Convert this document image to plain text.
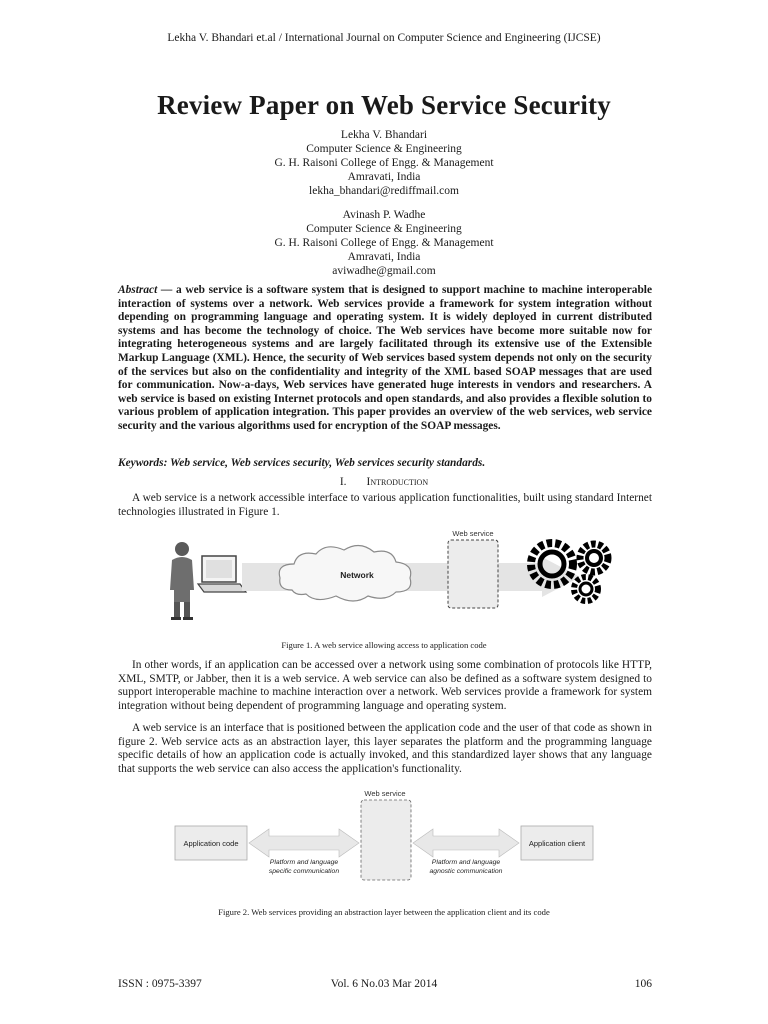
Lekha V. Bhandari et.al / International Journal on Computer Science and Engineering (IJCSE)
Review Paper on Web Service Security
Lekha V. Bhandari
Computer Science & Engineering
G. H. Raisoni College of Engg. & Management
Amravati, India
lekha_bhandari@rediffmail.com
Avinash P. Wadhe
Computer Science & Engineering
G. H. Raisoni College of Engg. & Management
Amravati, India
aviwadhe@gmail.com
Abstract — a web service is a software system that is designed to support machine to machine interoperable interaction of systems over a network. Web services provide a framework for system integration without depending on programming language and operating system. It is widely deployed in current distributed systems and has become the technology of choice. The Web services have become more suitable now for integrating heterogeneous systems and are largely facilitated through its extensive use of the Extensible Markup Language (XML). Hence, the security of Web services based system depends not only on the security of the services but also on the confidentiality and integrity of the XML based SOAP messages that are used for communication. Now-a-days, Web services have generated huge interests in vendors and researchers. A web service is based on existing Internet protocols and open standards, and also provides a flexible solution to various problem of application integration. This paper provides an overview of the web services, web service security and the various algorithms used for encryption of the SOAP messages.
Keywords: Web service, Web services security, Web services security standards.
I. Introduction
A web service is a network accessible interface to various application functionalities, built using standard Internet technologies illustrated in Figure 1.
Network
Web service
Figure 1. A web service allowing access to application code
In other words, if an application can be accessed over a network using some combination of protocols like HTTP, XML, SMTP, or Jabber, then it is a web service. A web service can also be defined as a software system designed to support interoperable machine to machine interaction over a network. Web services provide a framework for system integration without being dependent of programming language and operating system.
A web service is an interface that is positioned between the application code and the user of that code as shown in figure 2. Web service acts as an abstraction layer, this layer separates the platform and the programming language specific details of how an application code is actually invoked, and this standardized layer shows that any language that supports the web service can also access the application's functionality.
Web service
Application code	Application client
Platform and language
specific communication
Platform and language
agnostic communication
Figure 2. Web services providing an abstraction layer between the application client and its code
ISSN : 0975-3397	Vol. 6 No.03 Mar 2014	106
